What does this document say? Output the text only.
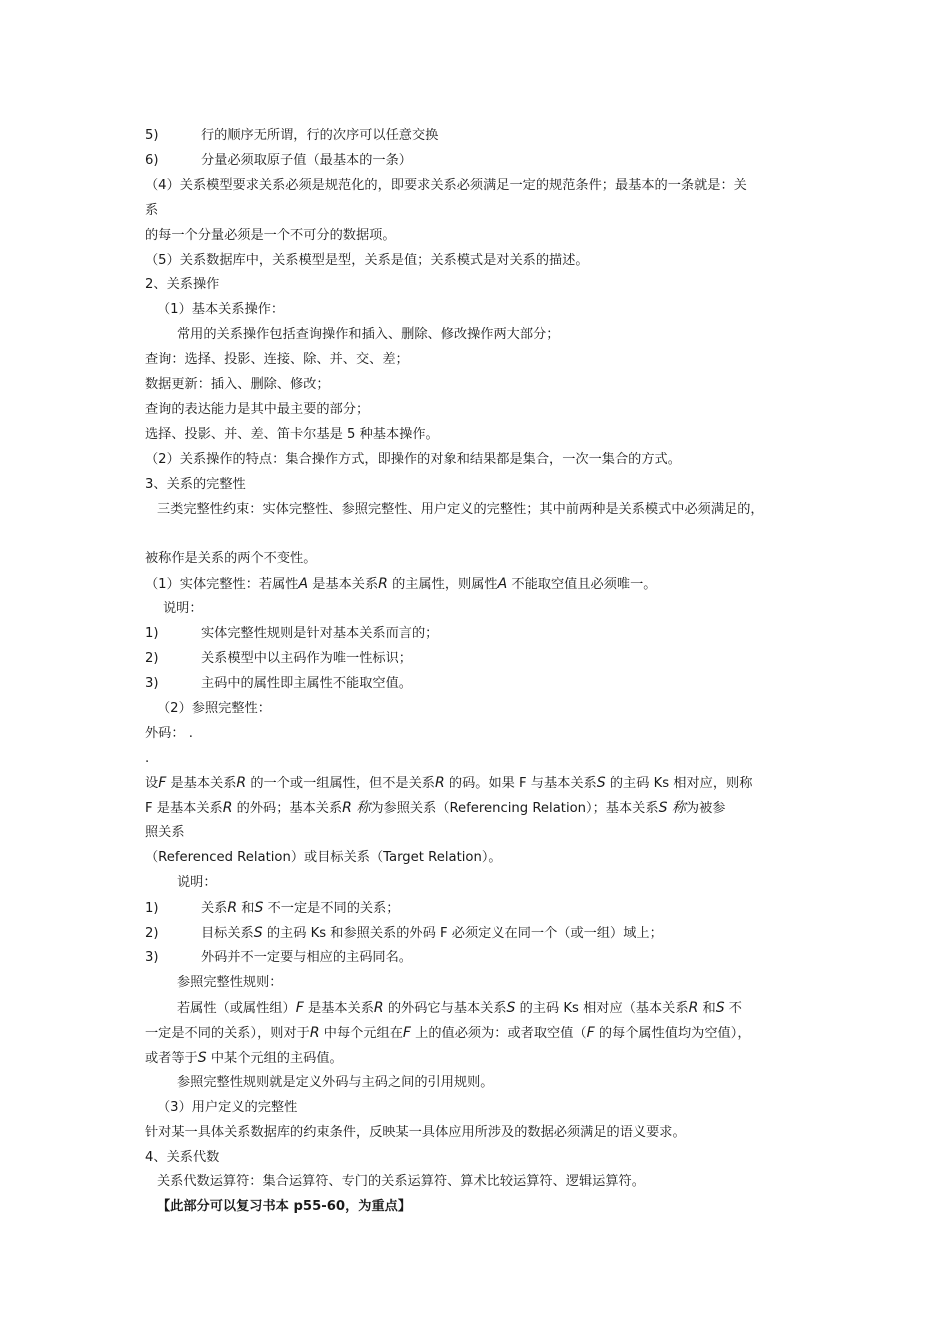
5)	行的顺序无所谓，行的次序可以任意交换
6)	分量必须取原子值（最基本的一条）
（4）关系模型要求关系必须是规范化的，即要求关系必须满足一定的规范条件；最基本的一条就是：关
系
的每一个分量必须是一个不可分的数据项。
（5）关系数据库中，关系模型是型，关系是值；关系模式是对关系的描述。
2、关系操作
（1）基本关系操作：
常用的关系操作包括查询操作和插入、删除、修改操作两大部分；
查询：选择、投影、连接、除、并、交、差；
数据更新：插入、删除、修改；
查询的表达能力是其中最主要的部分；
选择、投影、并、差、笛卡尔基是 5 种基本操作。
（2）关系操作的特点：集合操作方式，即操作的对象和结果都是集合，一次一集合的方式。
3、关系的完整性
三类完整性约束：实体完整性、参照完整性、用户定义的完整性；其中前两种是关系模式中必须满足的，
被称作是关系的两个不变性。
（1）实体完整性：若属性A 是基本关系R 的主属性，则属性A 不能取空值且必须唯一。
说明：
1)	实体完整性规则是针对基本关系而言的；
2)	关系模型中以主码作为唯一性标识；
3)	主码中的属性即主属性不能取空值。
（2）参照完整性：
外码： .
.
设F 是基本关系R 的一个或一组属性，但不是关系R 的码。如果 F 与基本关系S 的主码 Ks 相对应，则称
F 是基本关系R 的外码；基本关系R 称为参照关系（Referencing Relation）；基本关系S 称为被参
照关系
（Referenced Relation）或目标关系（Target Relation）。
说明：
1)	关系R 和S 不一定是不同的关系；
2)	目标关系S 的主码 Ks 和参照关系的外码 F 必须定义在同一个（或一组）域上；
3)	外码并不一定要与相应的主码同名。
参照完整性规则：
若属性（或属性组）F 是基本关系R 的外码它与基本关系S 的主码 Ks 相对应（基本关系R 和S 不
一定是不同的关系），则对于R 中每个元组在F 上的值必须为：或者取空值（F 的每个属性值均为空值），
或者等于S 中某个元组的主码值。
参照完整性规则就是定义外码与主码之间的引用规则。
（3）用户定义的完整性
针对某一具体关系数据库的约束条件，反映某一具体应用所涉及的数据必须满足的语义要求。
4、关系代数
关系代数运算符：集合运算符、专门的关系运算符、算术比较运算符、逻辑运算符。
【此部分可以复习书本 p55-60，为重点】
